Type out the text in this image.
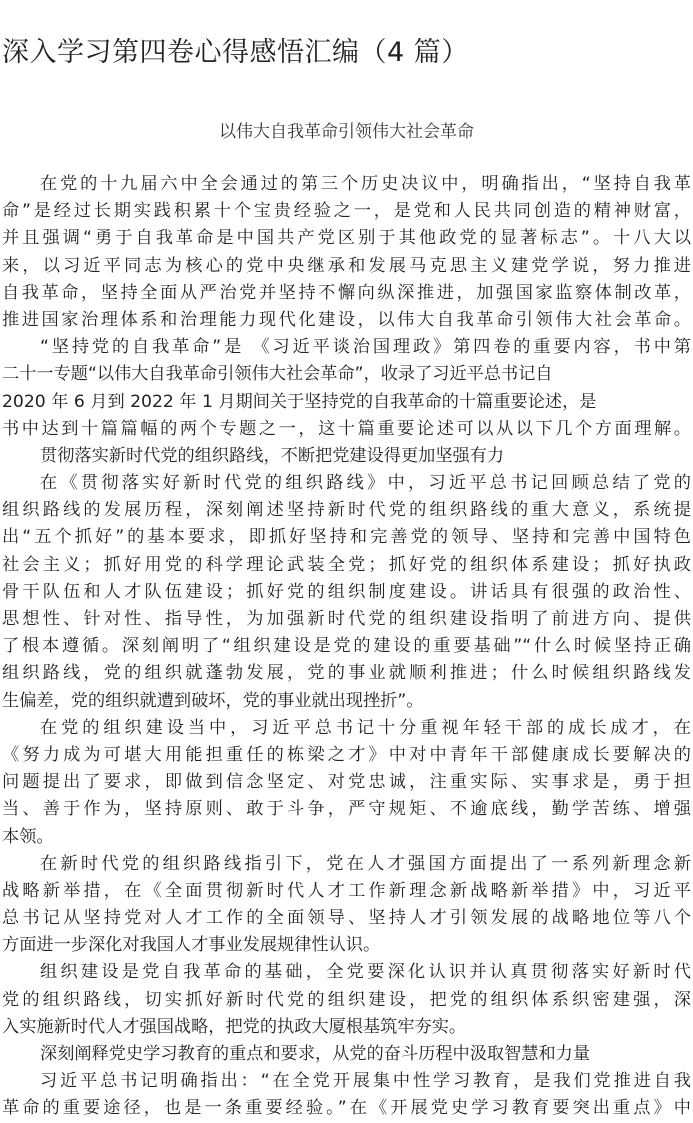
深入学习第四卷心得感悟汇编（4 篇）
以伟大自我革命引领伟大社会革命
在党的十九届六中全会通过的第三个历史决议中，明确指出，“坚持自我革
命”是经过长期实践积累十个宝贵经验之一，是党和人民共同创造的精神财富，
并且强调“勇于自我革命是中国共产党区别于其他政党的显著标志”。十八大以
来，以习近平同志为核心的党中央继承和发展马克思主义建党学说，努力推进
自我革命，坚持全面从严治党并坚持不懈向纵深推进，加强国家监察体制改革，
推进国家治理体系和治理能力现代化建设，以伟大自我革命引领伟大社会革命。
“坚持党的自我革命”是 《习近平谈治国理政》第四卷的重要内容，书中第
二十一专题“以伟大自我革命引领伟大社会革命”，收录了习近平总书记自
2020 年 6 月到 2022 年 1 月期间关于坚持党的自我革命的十篇重要论述，是
书中达到十篇篇幅的两个专题之一，这十篇重要论述可以从以下几个方面理解。
贯彻落实新时代党的组织路线，不断把党建设得更加坚强有力
在《贯彻落实好新时代党的组织路线》中，习近平总书记回顾总结了党的
组织路线的发展历程，深刻阐述坚持新时代党的组织路线的重大意义，系统提
出“五个抓好”的基本要求，即抓好坚持和完善党的领导、坚持和完善中国特色
社会主义；抓好用党的科学理论武装全党；抓好党的组织体系建设；抓好执政
骨干队伍和人才队伍建设；抓好党的组织制度建设。讲话具有很强的政治性、
思想性、针对性、指导性，为加强新时代党的组织建设指明了前进方向、提供
了根本遵循。深刻阐明了“组织建设是党的建设的重要基础”“什么时候坚持正确
组织路线，党的组织就蓬勃发展，党的事业就顺利推进；什么时候组织路线发
生偏差，党的组织就遭到破坏，党的事业就出现挫折”。
在党的组织建设当中，习近平总书记十分重视年轻干部的成长成才，在
《努力成为可堪大用能担重任的栋梁之才》中对中青年干部健康成长要解决的
问题提出了要求，即做到信念坚定、对党忠诚，注重实际、实事求是，勇于担
当、善于作为，坚持原则、敢于斗争，严守规矩、不逾底线，勤学苦练、增强
本领。
在新时代党的组织路线指引下，党在人才强国方面提出了一系列新理念新
战略新举措，在《全面贯彻新时代人才工作新理念新战略新举措》中，习近平
总书记从坚持党对人才工作的全面领导、坚持人才引领发展的战略地位等八个
方面进一步深化对我国人才事业发展规律性认识。
组织建设是党自我革命的基础，全党要深化认识并认真贯彻落实好新时代
党的组织路线，切实抓好新时代党的组织建设，把党的组织体系织密建强，深
入实施新时代人才强国战略，把党的执政大厦根基筑牢夯实。
深刻阐释党史学习教育的重点和要求，从党的奋斗历程中汲取智慧和力量
习近平总书记明确指出：“在全党开展集中性学习教育，是我们党推进自我
革命的重要途径，也是一条重要经验。”在《开展党史学习教育要突出重点》中
